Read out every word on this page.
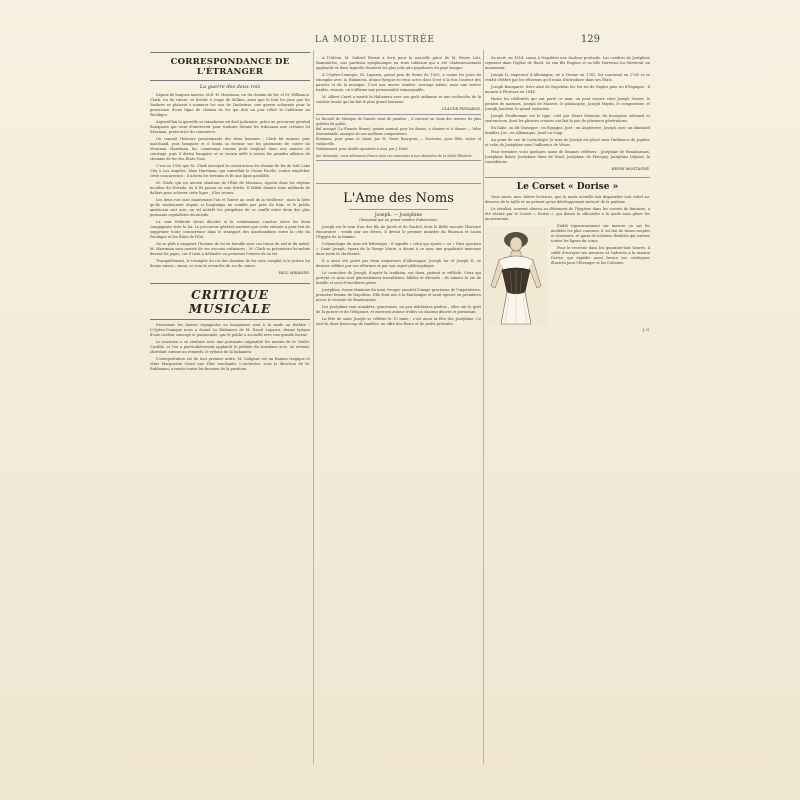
LA MODE ILLUSTRÉE	129
CORRESPONDANCE DE L'ÉTRANGER
La guerre des deux rois

Depuis de longues années, M.E.-H. Harriman, roi du chemin de fer, et M. William-A. Clark, roi du cuivre, se livrent à coups de dollars, ainsi que le font les jeux que les Yankees se plaisent à nommer les rois de l'industrie, une guerre acharnée pour la possession d'une ligne de chemin de fer qui doit un jour relier la Californie au Pacifique.

Aujourd'hui la querelle se transforme en duel judiciaire, grâce au procureur général Bonaparte qui vient d'intervenir pour traduire devant les tribunaux une certaine loi Sherman, protectrice du commerce.

On connaît l'histoire passionnante des deux hommes ; Clark fut mineur, puis marchand, puis banquier et il fonda sa fortune sur les gisements de cuivre du Montana. Harriman, lui, commença comme petit employé dans une maison de courtage, puis il devint banquier et se trouva mêlé à toutes les grandes affaires de chemins de fer des États-Unis.

C'est en 1900 que M. Clark entreprit la construction du chemin de fer de Salt Lake City à Los Angeles. Mais Harriman, qui contrôlait le Union Pacific, voulut empêcher cette concurrence ; il acheta les terrains et fit une ligne parallèle.

M. Clark, qui est ancien sénateur de l'État de Montana, riposta dans les régions incultes du Nevada, où il fit passer sa voie ferrée. Il fallait donner trois milliards de dollars pour achever cette ligne ; il les trouva.

Les deux rois sont maintenant l'un et l'autre au seuil de la vieillesse ; mais la lutte qu'ils soutiennent depuis si longtemps ne semble pas près de finir, et le public américain suit avec un vif intérêt les péripéties de ce conflit entre deux des plus puissants capitalistes du monde.

La cour fédérale devra décider si la combinaison conclue entre les deux compagnies viole la loi. Le procureur général soutient que cette entente a pour but de supprimer toute concurrence dans le transport des marchandises entre la côte du Pacifique et les États de l'Est.

On se plaît à imaginer l'homme de loi en bataille avec ces titans du rail et du métal. M. Harriman sera assisté de ses avocats ordinaires ; M. Clark se présentera lui-même devant les juges, car il tient à défendre en personne l'œuvre de sa vie.

Tranquillement, le triomphe du roi des chemins de fer sera complet si la justice lui donne raison ; sinon, ce sera la revanche du roi du cuivre.

PAUL MIRANDE.
CRITIQUE MUSICALE

Désormais les danses espagnoles ou basquaises sont à la mode au théâtre ! L'Opéra-Comique nous a donné La Habanera de M. Raoul Laparra, drame lyrique d'une couleur sauvage et passionnée, que le public a accueilli avec une grande faveur.

Le musicien a su traduire avec une puissante originalité les mœurs de la Vieille-Castille, et l'on a particulièrement applaudi le prélude du troisième acte, où revient, obsédant comme un remords, le rythme de la habanera.

L'interprétation est de tout premier ordre. M. Salignac est un Ramon tragique et Mme Marguerite Carré une Pilar touchante. L'orchestre, sous la direction de M. Ruhlmann, a rendu toutes les finesses de la partition.

À l'Odéon, M. Gabriel Pierné a écrit pour la nouvelle pièce de M. Pierre Loti, Ramuntcho, une partition symphonique en trois tableaux qui a été chaleureusement applaudie et dans laquelle chantent les plus jolis airs populaires du pays basque.

À l'Opéra-Comique, M. Laparra, grand prix de Rome de 1903, a connu les joies du triomphe avec la Habanera, drame lyrique en trois actes dont il est à la fois l'auteur des paroles et de la musique. C'est une œuvre sombre, sauvage même, mais une œuvre hardie, vivante, où s'affirme une personnalité remarquable.

M. Albert Carré a monté la Habanera avec son goût ordinaire et une recherche de la couleur locale qui lui fait le plus grand honneur.

CLAUDE FINDAROS.

Le Recueil de Musique de l'année vient de paraître ; il contient un choix des œuvres les plus goûtées du public.

Bal masqué (La Fiancée Brune), poème musical pour les dames, à chanter et à danser — Valse Sentimentale, musique de nos meilleurs compositeurs.

Romance, pour piano et chant, par M. Henri Bourgeois — Nocturne, pour flûte, violon et violoncelle.

Nuitamment, pour double quintette à vent, par J. Huré.

Sur demande, nous adressons franco tous ces morceaux à nos abonnées de la Mode Illustrée.

L'Ame des Noms
Joseph. — Joséphine
(Demandé par un grand nombre d'abonnées).

Joseph est le nom d'un des fils de Jacob et de Rachel, dont la Bible raconte l'histoire émouvante : vendu par ses frères, il devint le premier ministre du Pharaon et sauva l'Égypte de la famine.

L'étymologie du nom est hébraïque : il signifie « celui qui ajoute » ou « Dieu ajoutera ». Saint Joseph, époux de la Vierge Marie, a donné à ce nom une popularité immense dans toute la chrétienté.

Il a aussi été porté par deux empereurs d'Allemagne, Joseph Ier et Joseph II, ce dernier célèbre par ses réformes et par son esprit philosophique.

Le caractère de Joseph, d'après la tradition, est doux, patient et réfléchi. Ceux qui portent ce nom sont généralement travailleurs, fidèles et dévoués ; ils aiment la vie de famille et sont d'excellents pères.

Joséphine, forme féminine du nom, évoque aussitôt l'image gracieuse de l'impératrice, première femme de Napoléon. Elle était née à la Martinique et avait épousé en premières noces le vicomte de Beauharnais.

Les Joséphine sont aimables, gracieuses, un peu indolentes parfois ; elles ont le goût de la parure et de l'élégance, et exercent autour d'elles un charme discret et persistant.

La fête de saint Joseph se célèbre le 19 mars ; c'est aussi la fête des Joséphine. Ce jour-là, dans beaucoup de familles, on offre des fleurs et de petits présents.

Sa mort, en 1814, causa à Napoléon une douleur profonde. Les cendres de Joséphine reposent dans l'église de Rueil, où son fils Eugène et sa fille Hortense lui élevèrent un monument.

Joseph II, empereur d'Allemagne, né à Vienne en 1741, fut couronné en 1765 et se rendit célèbre par les réformes qu'il tenta d'introduire dans ses États.

Joseph Bonaparte, frère aîné de Napoléon Ier, fut roi de Naples puis roi d'Espagne ; il mourut à Florence en 1844.

Parmi les célébrités qui ont porté ce nom, on peut encore citer Joseph Vernet, le peintre de marines, Joseph de Maistre, le philosophe, Joseph Haydn, le compositeur, et Joseph Joachim, le grand violoniste.

Joseph Prudhomme est le type, créé par Henri Monnier, du bourgeois solennel et sentencieux, dont les phrases creuses ont fait la joie de plusieurs générations.

En Italie, on dit Giuseppe ; en Espagne, José ; en Angleterre, Joseph, avec un diminutif familier, Joe ; en Allemagne, Josef ou Sepp.

Au point de vue de l'astrologie, le nom de Joseph est placé sous l'influence de Jupiter, et celui de Joséphine sous l'influence de Vénus.

Pour terminer, voici quelques noms de femmes célèbres : Joséphine de Beauharnais, Joséphine Baker, Joséphine Mme de Staël, Joséphine de Flavigny, Joséphine Déjazet, la comédienne.

HENRI MONTAGNE.
Le Corset « Dorise »

Vous savez, mes chères lectrices, que la mode actuelle fait disparaître tout relief au-dessous de la taille et ne permet qu'un développement mesuré de la poitrine.

Le résultat, souvent obtenu au détriment de l'hygiène dans les corsets de fantaisie, a été réalisé par le Corset « Dorise », qui donne la silhouette à la mode sans gêner les mouvements.

Établi rigoureusement sur mesure ou sur les modèles les plus courants, il est fait de tissus souples et résistants, et garni de baleines flexibles qui suivent toutes les lignes du corps.

Pour le recevoir dans les quarante-huit heures, il suffit d'envoyer ses mesures et l'adresse à la maison Dorise, qui expédie aussi franco ses catalogues illustrés pour l'Étranger et les Colonies.

J. G.
